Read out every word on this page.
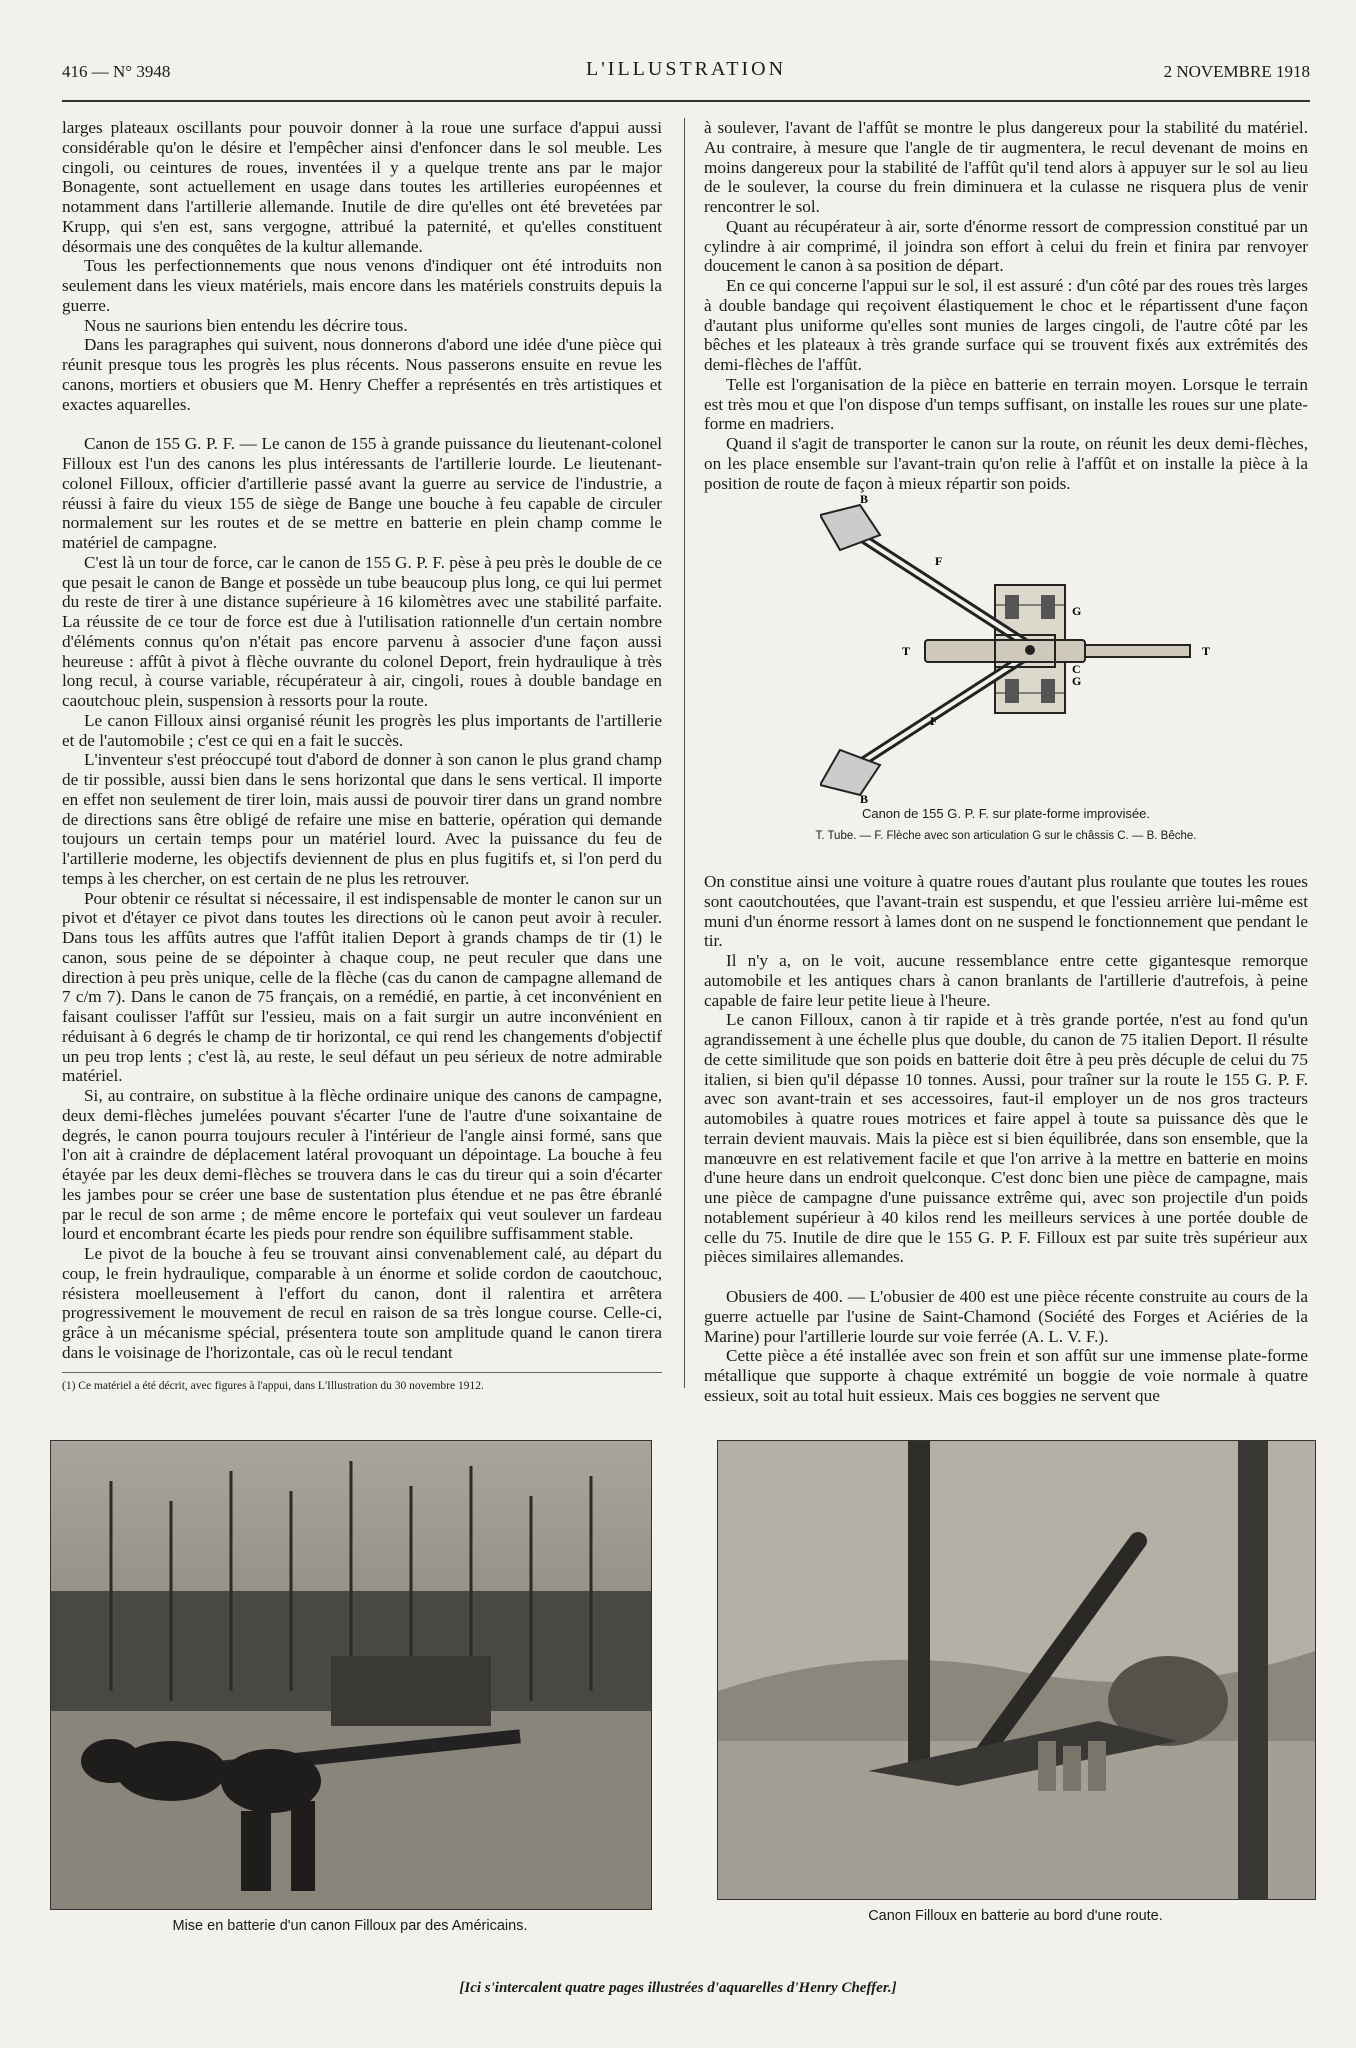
416 — N° 3948	L'ILLUSTRATION	2 NOVEMBRE 1918

larges plateaux oscillants pour pouvoir donner à la roue une surface d'appui aussi considérable qu'on le désire et l'empêcher ainsi d'enfoncer dans le sol meuble. Les cingoli, ou ceintures de roues, inventées il y a quelque trente ans par le major Bonagente, sont actuellement en usage dans toutes les artilleries européennes et notamment dans l'artillerie allemande. Inutile de dire qu'elles ont été brevetées par Krupp, qui s'en est, sans vergogne, attribué la paternité, et qu'elles constituent désormais une des conquêtes de la kultur allemande.

Tous les perfectionnements que nous venons d'indiquer ont été introduits non seulement dans les vieux matériels, mais encore dans les matériels construits depuis la guerre.

Nous ne saurions bien entendu les décrire tous.

Dans les paragraphes qui suivent, nous donnerons d'abord une idée d'une pièce qui réunit presque tous les progrès les plus récents. Nous passerons ensuite en revue les canons, mortiers et obusiers que M. Henry Cheffer a représentés en très artistiques et exactes aquarelles.

Canon de 155 G. P. F. — Le canon de 155 à grande puissance du lieutenant-colonel Filloux est l'un des canons les plus intéressants de l'artillerie lourde. Le lieutenant-colonel Filloux, officier d'artillerie passé avant la guerre au service de l'industrie, a réussi à faire du vieux 155 de siège de Bange une bouche à feu capable de circuler normalement sur les routes et de se mettre en batterie en plein champ comme le matériel de campagne.

C'est là un tour de force, car le canon de 155 G. P. F. pèse à peu près le double de ce que pesait le canon de Bange et possède un tube beaucoup plus long, ce qui lui permet du reste de tirer à une distance supérieure à 16 kilomètres avec une stabilité parfaite. La réussite de ce tour de force est due à l'utilisation rationnelle d'un certain nombre d'éléments connus qu'on n'était pas encore parvenu à associer d'une façon aussi heureuse : affût à pivot à flèche ouvrante du colonel Deport, frein hydraulique à très long recul, à course variable, récupérateur à air, cingoli, roues à double bandage en caoutchouc plein, suspension à ressorts pour la route.

Le canon Filloux ainsi organisé réunit les progrès les plus importants de l'artillerie et de l'automobile ; c'est ce qui en a fait le succès.

L'inventeur s'est préoccupé tout d'abord de donner à son canon le plus grand champ de tir possible, aussi bien dans le sens horizontal que dans le sens vertical. Il importe en effet non seulement de tirer loin, mais aussi de pouvoir tirer dans un grand nombre de directions sans être obligé de refaire une mise en batterie, opération qui demande toujours un certain temps pour un matériel lourd. Avec la puissance du feu de l'artillerie moderne, les objectifs deviennent de plus en plus fugitifs et, si l'on perd du temps à les chercher, on est certain de ne plus les retrouver.

Pour obtenir ce résultat si nécessaire, il est indispensable de monter le canon sur un pivot et d'étayer ce pivot dans toutes les directions où le canon peut avoir à reculer. Dans tous les affûts autres que l'affût italien Deport à grands champs de tir (1) le canon, sous peine de se dépointer à chaque coup, ne peut reculer que dans une direction à peu près unique, celle de la flèche (cas du canon de campagne allemand de 7 c/m 7). Dans le canon de 75 français, on a remédié, en partie, à cet inconvénient en faisant coulisser l'affût sur l'essieu, mais on a fait surgir un autre inconvénient en réduisant à 6 degrés le champ de tir horizontal, ce qui rend les changements d'objectif un peu trop lents ; c'est là, au reste, le seul défaut un peu sérieux de notre admirable matériel.

Si, au contraire, on substitue à la flèche ordinaire unique des canons de campagne, deux demi-flèches jumelées pouvant s'écarter l'une de l'autre d'une soixantaine de degrés, le canon pourra toujours reculer à l'intérieur de l'angle ainsi formé, sans que l'on ait à craindre de déplacement latéral provoquant un dépointage. La bouche à feu étayée par les deux demi-flèches se trouvera dans le cas du tireur qui a soin d'écarter les jambes pour se créer une base de sustentation plus étendue et ne pas être ébranlé par le recul de son arme ; de même encore le portefaix qui veut soulever un fardeau lourd et encombrant écarte les pieds pour rendre son équilibre suffisamment stable.

Le pivot de la bouche à feu se trouvant ainsi convenablement calé, au départ du coup, le frein hydraulique, comparable à un énorme et solide cordon de caoutchouc, résistera moelleusement à l'effort du canon, dont il ralentira et arrêtera progressivement le mouvement de recul en raison de sa très longue course. Celle-ci, grâce à un mécanisme spécial, présentera toute son amplitude quand le canon tirera dans le voisinage de l'horizontale, cas où le recul tendant

à soulever, l'avant de l'affût se montre le plus dangereux pour la stabilité du matériel. Au contraire, à mesure que l'angle de tir augmentera, le recul devenant de moins en moins dangereux pour la stabilité de l'affût qu'il tend alors à appuyer sur le sol au lieu de le soulever, la course du frein diminuera et la culasse ne risquera plus de venir rencontrer le sol.

Quant au récupérateur à air, sorte d'énorme ressort de compression constitué par un cylindre à air comprimé, il joindra son effort à celui du frein et finira par renvoyer doucement le canon à sa position de départ.

En ce qui concerne l'appui sur le sol, il est assuré : d'un côté par des roues très larges à double bandage qui reçoivent élastiquement le choc et le répartissent d'une façon d'autant plus uniforme qu'elles sont munies de larges cingoli, de l'autre côté par les bêches et les plateaux à très grande surface qui se trouvent fixés aux extrémités des demi-flèches de l'affût.

Telle est l'organisation de la pièce en batterie en terrain moyen. Lorsque le terrain est très mou et que l'on dispose d'un temps suffisant, on installe les roues sur une plate-forme en madriers.

Quand il s'agit de transporter le canon sur la route, on réunit les deux demi-flèches, on les place ensemble sur l'avant-train qu'on relie à l'affût et on installe la pièce à la position de route de façon à mieux répartir son poids.

B
F
G
T	T
G
C
F
B
Canon de 155 G. P. F. sur plate-forme improvisée.
T. Tube. — F. Flèche avec son articulation G sur le châssis C. — B. Bêche.

On constitue ainsi une voiture à quatre roues d'autant plus roulante que toutes les roues sont caoutchoutées, que l'avant-train est suspendu, et que l'essieu arrière lui-même est muni d'un énorme ressort à lames dont on ne suspend le fonctionnement que pendant le tir.

Il n'y a, on le voit, aucune ressemblance entre cette gigantesque remorque automobile et les antiques chars à canon branlants de l'artillerie d'autrefois, à peine capable de faire leur petite lieue à l'heure.

Le canon Filloux, canon à tir rapide et à très grande portée, n'est au fond qu'un agrandissement à une échelle plus que double, du canon de 75 italien Deport. Il résulte de cette similitude que son poids en batterie doit être à peu près décuple de celui du 75 italien, si bien qu'il dépasse 10 tonnes. Aussi, pour traîner sur la route le 155 G. P. F. avec son avant-train et ses accessoires, faut-il employer un de nos gros tracteurs automobiles à quatre roues motrices et faire appel à toute sa puissance dès que le terrain devient mauvais. Mais la pièce est si bien équilibrée, dans son ensemble, que la manœuvre en est relativement facile et que l'on arrive à la mettre en batterie en moins d'une heure dans un endroit quelconque. C'est donc bien une pièce de campagne, mais une pièce de campagne d'une puissance extrême qui, avec son projectile d'un poids notablement supérieur à 40 kilos rend les meilleurs services à une portée double de celle du 75. Inutile de dire que le 155 G. P. F. Filloux est par suite très supérieur aux pièces similaires allemandes.

Obusiers de 400. — L'obusier de 400 est une pièce récente construite au cours de la guerre actuelle par l'usine de Saint-Chamond (Société des Forges et Aciéries de la Marine) pour l'artillerie lourde sur voie ferrée (A. L. V. F.).

Cette pièce a été installée avec son frein et son affût sur une immense plate-forme métallique que supporte à chaque extrémité un boggie de voie normale à quatre essieux, soit au total huit essieux. Mais ces boggies ne servent que

(1) Ce matériel a été décrit, avec figures à l'appui, dans L'Illustration du 30 novembre 1912.
Mise en batterie d'un canon Filloux par des Américains.
Canon Filloux en batterie au bord d'une route.
[Ici s'intercalent quatre pages illustrées d'aquarelles d'Henry Cheffer.]
